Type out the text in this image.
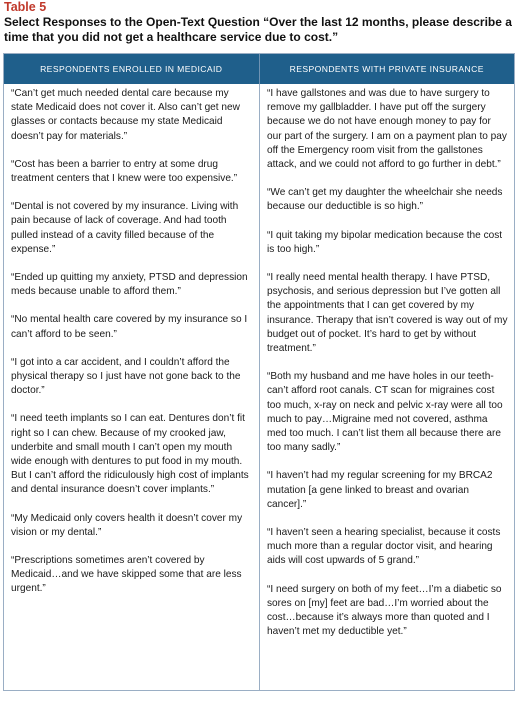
Table 5
Select Responses to the Open-Text Question “Over the last 12 months, please describe a time that you did not get a healthcare service due to cost.”
RESPONDENTS ENROLLED IN MEDICAID	RESPONDENTS WITH PRIVATE INSURANCE

“Can’t get much needed dental care because my state Medicaid does not cover it. Also can’t get new glasses or contacts because my state Medicaid doesn’t pay for materials.”

“Cost has been a barrier to entry at some drug treatment centers that I knew were too expensive.”

“Dental is not covered by my insurance. Living with pain because of lack of coverage. And had tooth pulled instead of a cavity filled because of the expense.”

“Ended up quitting my anxiety, PTSD and depression meds because unable to afford them.”

“No mental health care covered by my insurance so I can’t afford to be seen.”

“I got into a car accident, and I couldn’t afford the physical therapy so I just have not gone back to the doctor.”

“I need teeth implants so I can eat. Dentures don’t fit right so I can chew. Because of my crooked jaw, underbite and small mouth I can’t open my mouth wide enough with dentures to put food in my mouth. But I can’t afford the ridiculously high cost of implants and dental insurance doesn’t cover implants.”

“My Medicaid only covers health it doesn’t cover my vision or my dental.”

“Prescriptions sometimes aren’t covered by Medicaid…and we have skipped some that are less urgent.”

“I have gallstones and was due to have surgery to remove my gallbladder. I have put off the surgery because we do not have enough money to pay for our part of the surgery. I am on a payment plan to pay off the Emergency room visit from the gallstones attack, and we could not afford to go further in debt.”

“We can’t get my daughter the wheelchair she needs because our deductible is so high.”

“I quit taking my bipolar medication because the cost is too high.”

“I really need mental health therapy. I have PTSD, psychosis, and serious depression but I’ve gotten all the appointments that I can get covered by my insurance. Therapy that isn’t covered is way out of my budget out of pocket. It’s hard to get by without treatment.”

“Both my husband and me have holes in our teeth-can’t afford root canals. CT scan for migraines cost too much, x-ray on neck and pelvic x-ray were all too much to pay…Migraine med not covered, asthma med too much. I can’t list them all because there are too many sadly.”

“I haven’t had my regular screening for my BRCA2 mutation [a gene linked to breast and ovarian cancer].”

“I haven’t seen a hearing specialist, because it costs much more than a regular doctor visit, and hearing aids will cost upwards of 5 grand.”

“I need surgery on both of my feet…I’m a diabetic so sores on [my] feet are bad…I’m worried about the cost…because it’s always more than quoted and I haven’t met my deductible yet.”
